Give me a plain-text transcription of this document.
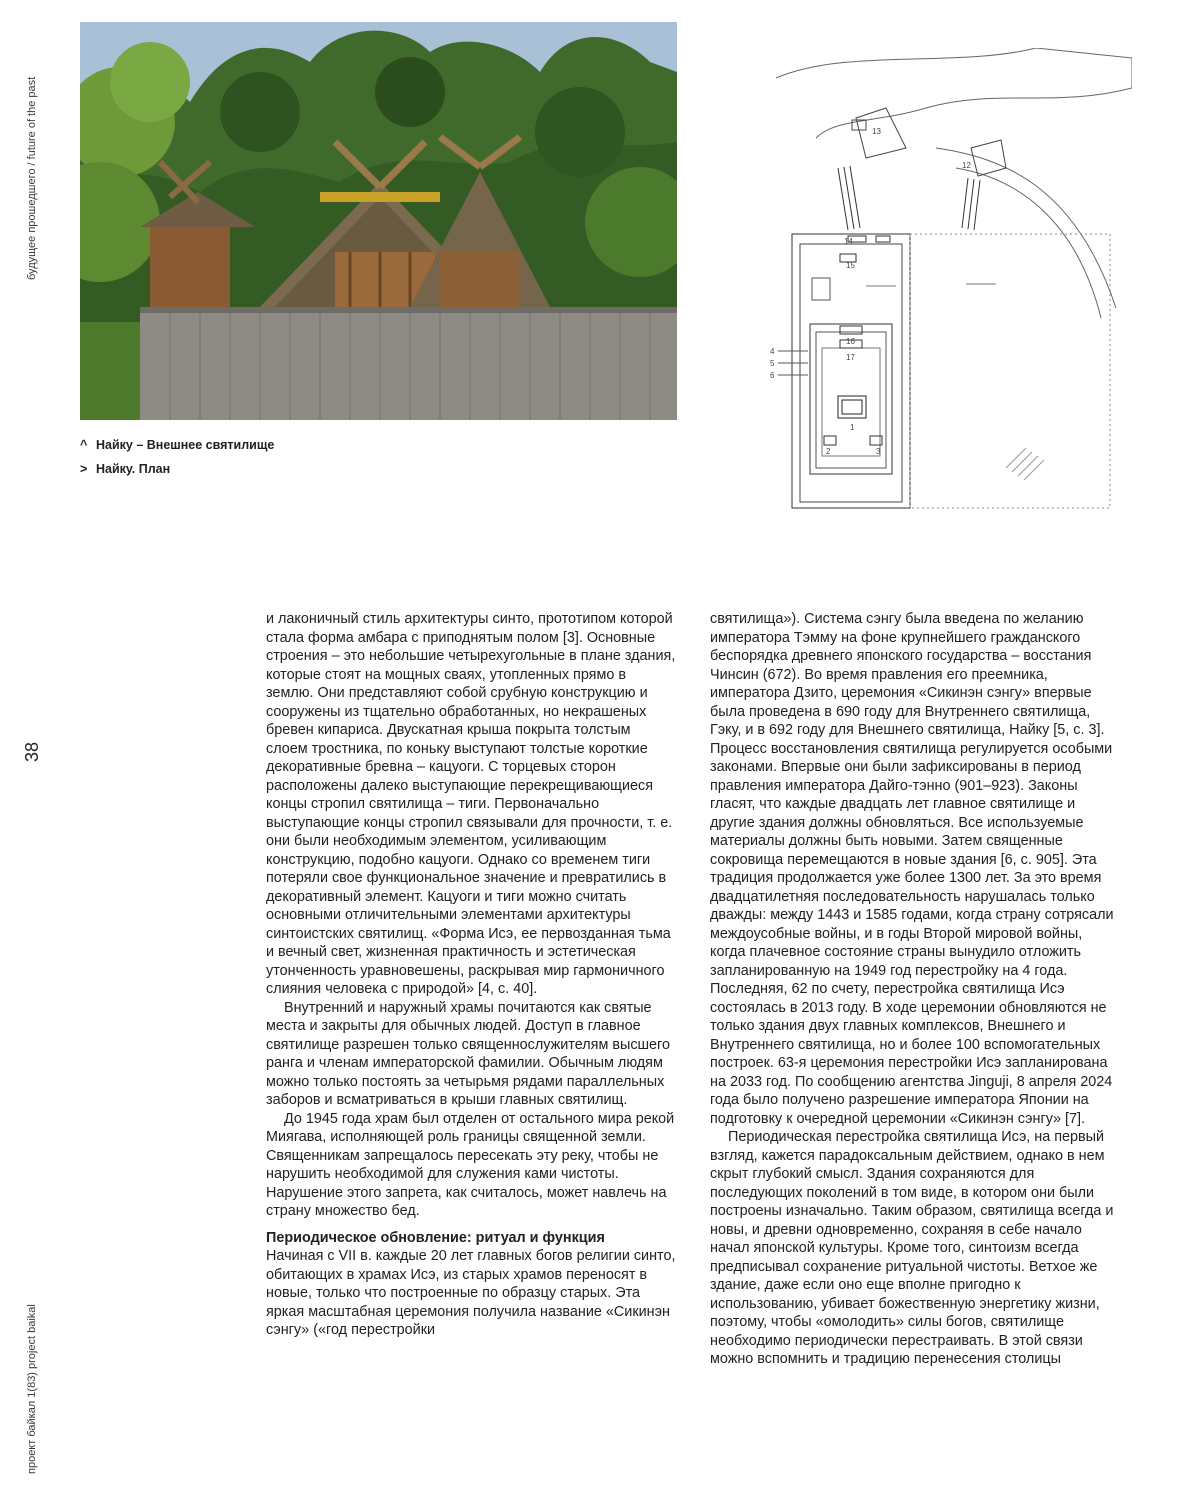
будущее прошедшего / future of the past
38
проект байкал 1(83) project baikal
^ Найку – Внешнее святилище
> Найку. План
13
12
14
15
16
17
1
2	3
4
5
6

и лаконичный стиль архитектуры синто, прототипом которой стала форма амбара с приподнятым полом [3]. Основные строения – это небольшие четырехугольные в плане здания, которые стоят на мощных сваях, утопленных прямо в землю. Они представляют собой срубную конструкцию и сооружены из тщательно обработанных, но некрашеных бревен кипариса. Двускатная крыша покрыта толстым слоем тростника, по коньку выступают толстые короткие декоративные бревна – кацуоги. С торцевых сторон расположены далеко выступающие перекрещивающиеся концы стропил святилища – тиги. Первоначально выступающие концы стропил связывали для прочности, т. е. они были необходимым элементом, усиливающим конструкцию, подобно кацуоги. Однако со временем тиги потеряли свое функциональное значение и превратились в декоративный элемент. Кацуоги и тиги можно считать основными отличительными элементами архитектуры синтоистских святилищ. «Форма Исэ, ее первозданная тьма и вечный свет, жизненная практичность и эстетическая утонченность уравновешены, раскрывая мир гармоничного слияния человека с природой» [4, с. 40].

Внутренний и наружный храмы почитаются как святые места и закрыты для обычных людей. Доступ в главное святилище разрешен только священнослужителям высшего ранга и членам императорской фамилии. Обычным людям можно только постоять за четырьмя рядами параллельных заборов и всматриваться в крыши главных святилищ.

До 1945 года храм был отделен от остального мира рекой Миягава, исполняющей роль границы священной земли. Священникам запрещалось пересекать эту реку, чтобы не нарушить необходимой для служения ками чистоты. Нарушение этого запрета, как считалось, может навлечь на страну множество бед.

Периодическое обновление: ритуал и функция

Начиная с VII в. каждые 20 лет главных богов религии синто, обитающих в храмах Исэ, из старых храмов переносят в новые, только что построенные по образцу старых. Эта яркая масштабная церемония получила название «Сикинэн сэнгу» («год перестройки

святилища»). Система сэнгу была введена по желанию императора Тэмму на фоне крупнейшего гражданского беспорядка древнего японского государства – восстания Чинсин (672). Во время правления его преемника, императора Дзито, церемония «Сикинэн сэнгу» впервые была проведена в 690 году для Внутреннего святилища, Гэку, и в 692 году для Внешнего святилища, Найку [5, с. 3]. Процесс восстановления святилища регулируется особыми законами. Впервые они были зафиксированы в период правления императора Дайго-тэнно (901–923). Законы гласят, что каждые двадцать лет главное святилище и другие здания должны обновляться. Все используемые материалы должны быть новыми. Затем священные сокровища перемещаются в новые здания [6, с. 905]. Эта традиция продолжается уже более 1300 лет. За это время двадцатилетняя последовательность нарушалась только дважды: между 1443 и 1585 годами, когда страну сотрясали междоусобные войны, и в годы Второй мировой войны, когда плачевное состояние страны вынудило отложить запланированную на 1949 год перестройку на 4 года. Последняя, 62 по счету, перестройка святилища Исэ состоялась в 2013 году. В ходе церемонии обновляются не только здания двух главных комплексов, Внешнего и Внутреннего святилища, но и более 100 вспомогательных построек. 63-я церемония перестройки Исэ запланирована на 2033 год. По сообщению агентства Jinguji, 8 апреля 2024 года было получено разрешение императора Японии на подготовку к очередной церемонии «Сикинэн сэнгу» [7].

Периодическая перестройка святилища Исэ, на первый взгляд, кажется парадоксальным действием, однако в нем скрыт глубокий смысл. Здания сохраняются для последующих поколений в том виде, в котором они были построены изначально. Таким образом, святилища всегда и новы, и древни одновременно, сохраняя в себе начало начал японской культуры. Кроме того, синтоизм всегда предписывал сохранение ритуальной чистоты. Ветхое же здание, даже если оно еще вполне пригодно к использованию, убивает божественную энергетику жизни, поэтому, чтобы «омолодить» силы богов, святилище необходимо периодически перестраивать. В этой связи можно вспомнить и традицию перенесения столицы
